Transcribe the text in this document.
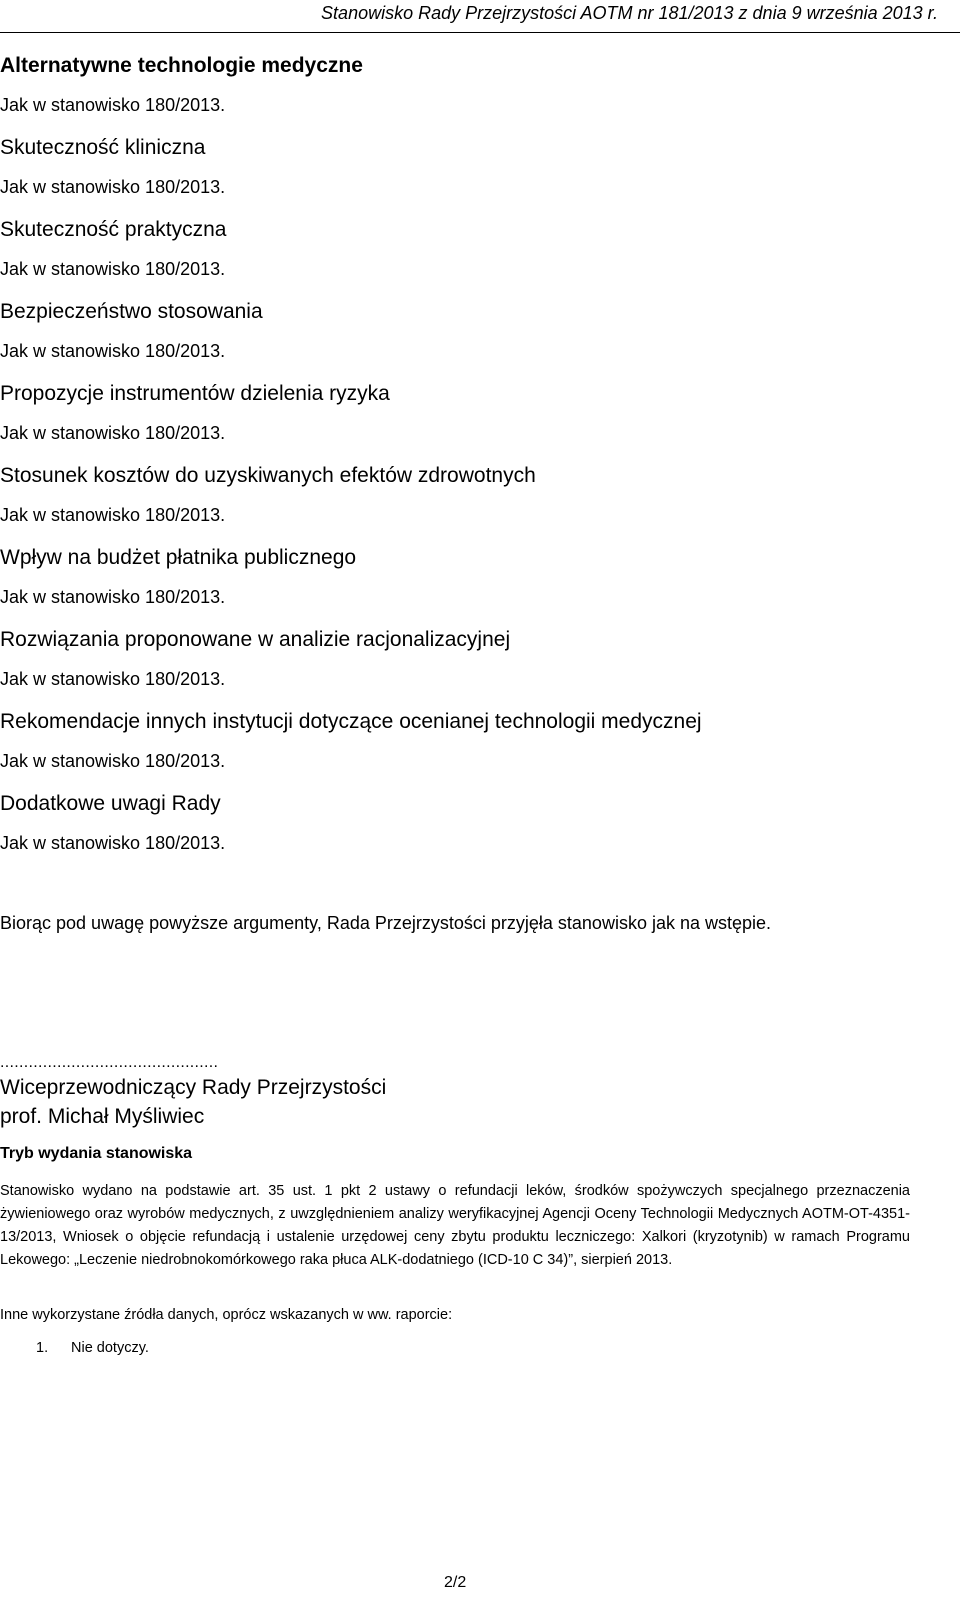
Stanowisko Rady Przejrzystości AOTM nr 181/2013 z dnia 9 września 2013 r.
Alternatywne technologie medyczne
Jak w stanowisko 180/2013.
Skuteczność kliniczna
Jak w stanowisko 180/2013.
Skuteczność praktyczna
Jak w stanowisko 180/2013.
Bezpieczeństwo stosowania
Jak w stanowisko 180/2013.
Propozycje instrumentów dzielenia ryzyka
Jak w stanowisko 180/2013.
Stosunek kosztów do uzyskiwanych efektów zdrowotnych
Jak w stanowisko 180/2013.
Wpływ na budżet płatnika publicznego
Jak w stanowisko 180/2013.
Rozwiązania proponowane w analizie racjonalizacyjnej
Jak w stanowisko 180/2013.
Rekomendacje innych instytucji dotyczące ocenianej technologii medycznej
Jak w stanowisko 180/2013.
Dodatkowe uwagi Rady
Jak w stanowisko 180/2013.
Biorąc pod uwagę powyższe argumenty, Rada Przejrzystości przyjęła stanowisko jak na wstępie.
..............................................
Wiceprzewodniczący Rady Przejrzystości
prof. Michał Myśliwiec
Tryb wydania stanowiska
Stanowisko wydano na podstawie art. 35 ust. 1 pkt 2 ustawy o refundacji leków, środków spożywczych specjalnego przeznaczenia żywieniowego oraz wyrobów medycznych, z uwzględnieniem analizy weryfikacyjnej Agencji Oceny Technologii Medycznych AOTM-OT-4351-13/2013, Wniosek o objęcie refundacją i ustalenie urzędowej ceny zbytu produktu leczniczego: Xalkori (kryzotynib) w ramach Programu Lekowego: „Leczenie niedrobnokomórkowego raka płuca ALK-dodatniego (ICD-10 C 34)”, sierpień 2013.
Inne wykorzystane źródła danych, oprócz wskazanych w ww. raporcie:
1. Nie dotyczy.
2/2
